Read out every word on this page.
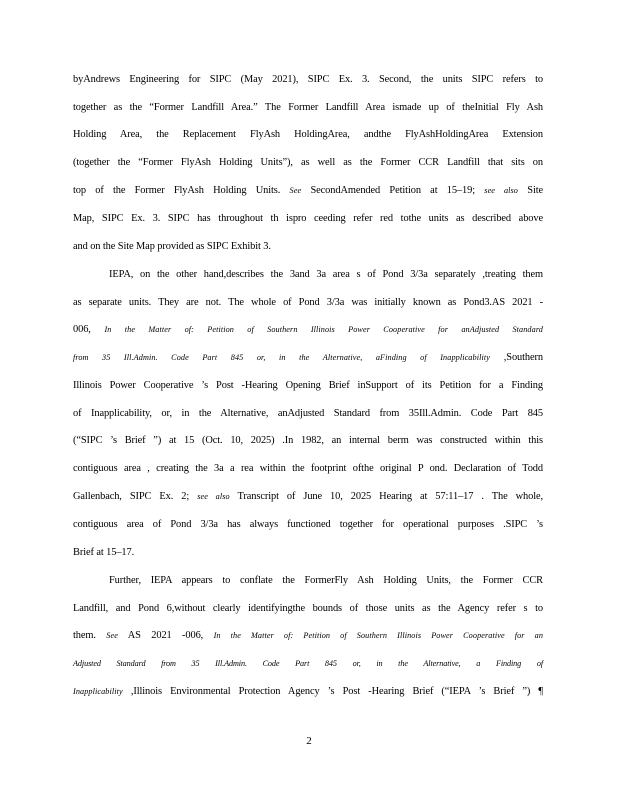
byAndrews Engineering for SIPC (May 2021), SIPC Ex. 3. Second, the units SIPC refers to
together as the “Former Landfill Area.” The Former Landfill Area ismade up of theInitial Fly Ash
Holding Area, the Replacement FlyAsh HoldingArea, andthe FlyAshHoldingArea Extension
(together the “Former FlyAsh Holding Units”), as well as the Former CCR Landfill that sits on
top of the Former FlyAsh Holding Units. See SecondAmended Petition at 15–19; see also Site
Map, SIPC Ex. 3. SIPC has throughout th ispro ceeding refer red tothe units as described above
and on the Site Map provided as SIPC Exhibit 3.
IEPA, on the other hand,describes the 3and 3a area s of Pond 3/3a separately ,treating them
as separate units. They are not. The whole of Pond 3/3a was initially known as Pond3.AS 2021 -
006, In the Matter of: Petition of Southern Illinois Power Cooperative for anAdjusted Standard
from 35 Ill.Admin. Code Part 845 or, in the Alternative, aFinding of Inapplicability ,Southern
Illinois Power Cooperative ’s Post -Hearing Opening Brief inSupport of its Petition for a Finding
of Inapplicability, or, in the Alternative, anAdjusted Standard from 35Ill.Admin. Code Part 845
(“SIPC ’s Brief ”) at 15 (Oct. 10, 2025) .In 1982, an internal berm was constructed within this
contiguous area , creating the 3a a rea within the footprint ofthe original P ond. Declaration of Todd
Gallenbach, SIPC Ex. 2; see also Transcript of June 10, 2025 Hearing at 57:11–17 . The whole,
contiguous area of Pond 3/3a has always functioned together for operational purposes .SIPC ’s
Brief at 15–17.
Further, IEPA appears to conflate the FormerFly Ash Holding Units, the Former CCR
Landfill, and Pond 6,without clearly identifyingthe bounds of those units as the Agency refer s to
them. See AS 2021 -006, In the Matter of: Petition of Southern Illinois Power Cooperative for an
Adjusted Standard from 35 Ill.Admin. Code Part 845 or, in the Alternative, a Finding of
Inapplicability ,Illinois Environmental Protection Agency ’s Post -Hearing Brief (“IEPA ’s Brief ”) ¶
2
